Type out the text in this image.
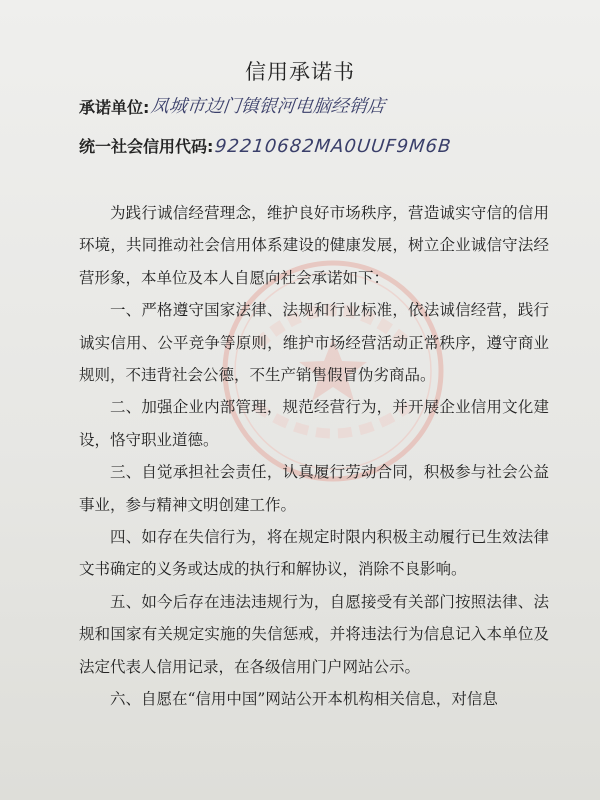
信用承诺书
承诺单位:凤城市边门镇银河电脑经销店
统一社会信用代码:92210682MA0UUF9M6B

为践行诚信经营理念，维护良好市场秩序，营造诚实守信的信用环境，共同推动社会信用体系建设的健康发展，树立企业诚信守法经营形象，本单位及本人自愿向社会承诺如下：

一、严格遵守国家法律、法规和行业标准，依法诚信经营，践行诚实信用、公平竞争等原则，维护市场经营活动正常秩序，遵守商业规则，不违背社会公德，不生产销售假冒伪劣商品。

二、加强企业内部管理，规范经营行为，并开展企业信用文化建设，恪守职业道德。

三、自觉承担社会责任，认真履行劳动合同，积极参与社会公益事业，参与精神文明创建工作。

四、如存在失信行为，将在规定时限内积极主动履行已生效法律文书确定的义务或达成的执行和解协议，消除不良影响。

五、如今后存在违法违规行为，自愿接受有关部门按照法律、法规和国家有关规定实施的失信惩戒，并将违法行为信息记入本单位及法定代表人信用记录，在各级信用门户网站公示。

六、自愿在“信用中国”网站公开本机构相关信息，对信息
